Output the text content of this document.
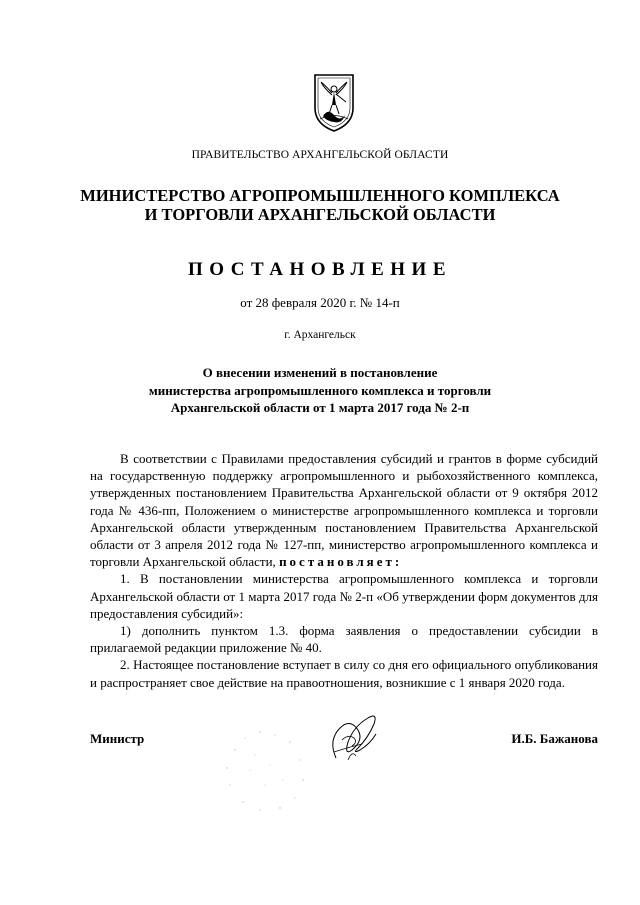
ПРАВИТЕЛЬСТВО АРХАНГЕЛЬСКОЙ ОБЛАСТИ
МИНИСТЕРСТВО АГРОПРОМЫШЛЕННОГО КОМПЛЕКСА
И ТОРГОВЛИ АРХАНГЕЛЬСКОЙ ОБЛАСТИ
ПОСТАНОВЛЕНИЕ
от 28 февраля 2020 г. № 14-п
г. Архангельск
О внесении изменений в постановление
министерства агропромышленного комплекса и торговли
Архангельской области от 1 марта 2017 года № 2-п

В соответствии с Правилами предоставления субсидий и грантов в форме субсидий на государственную поддержку агропромышленного и рыбохозяйственного комплекса, утвержденных постановлением Правительства Архангельской области от 9 октября 2012 года № 436-пп, Положением о министерстве агропромышленного комплекса и торговли Архангельской области утвержденным постановлением Правительства Архангельской области от 3 апреля 2012 года № 127-пп, министерство агропромышленного комплекса и торговли Архангельской области, постановляет:

1. В постановлении министерства агропромышленного комплекса и торговли Архангельской области от 1 марта 2017 года № 2-п «Об утверждении форм документов для предоставления субсидий»:

1) дополнить пунктом 1.3. форма заявления о предоставлении субсидии в прилагаемой редакции приложение № 40.

2. Настоящее постановление вступает в силу со дня его официального опубликования и распространяет свое действие на правоотношения, возникшие с 1 января 2020 года.

Министр	И.Б. Бажанова
